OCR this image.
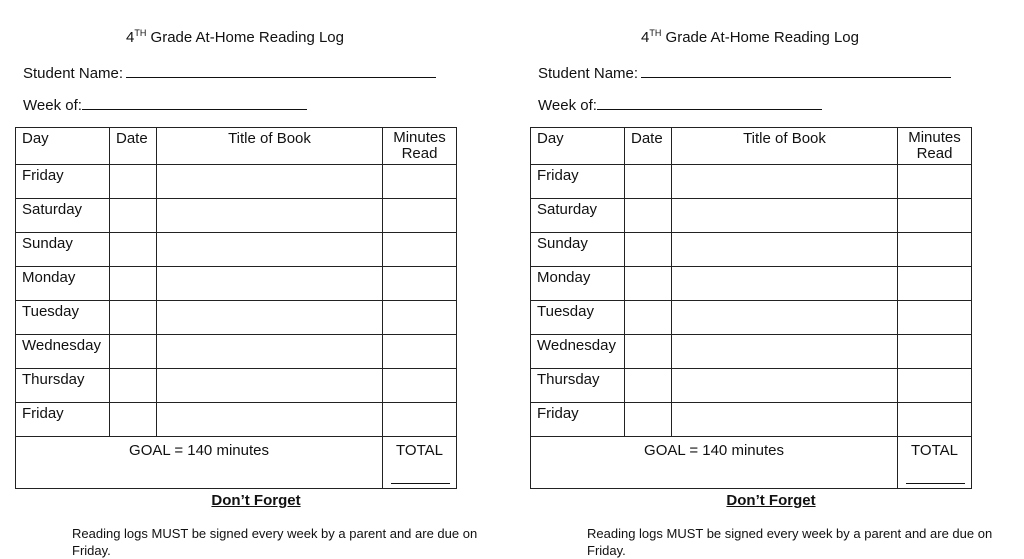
4TH Grade At-Home Reading Log
Student Name:
Week of:
Day	Date	Title of Book	Minutes
Read
Friday			
Saturday			
Sunday			
Monday			
Tuesday			
Wednesday			
Thursday			
Friday			
GOAL = 140 minutes			TOTAL
Don’t Forget
Reading logs MUST be signed every week by a parent and are due on Friday.
4TH Grade At-Home Reading Log
Student Name:
Week of:
Day	Date	Title of Book	Minutes
Read
Friday			
Saturday			
Sunday			
Monday			
Tuesday			
Wednesday			
Thursday			
Friday			
GOAL = 140 minutes			TOTAL
Don’t Forget
Reading logs MUST be signed every week by a parent and are due on Friday.
